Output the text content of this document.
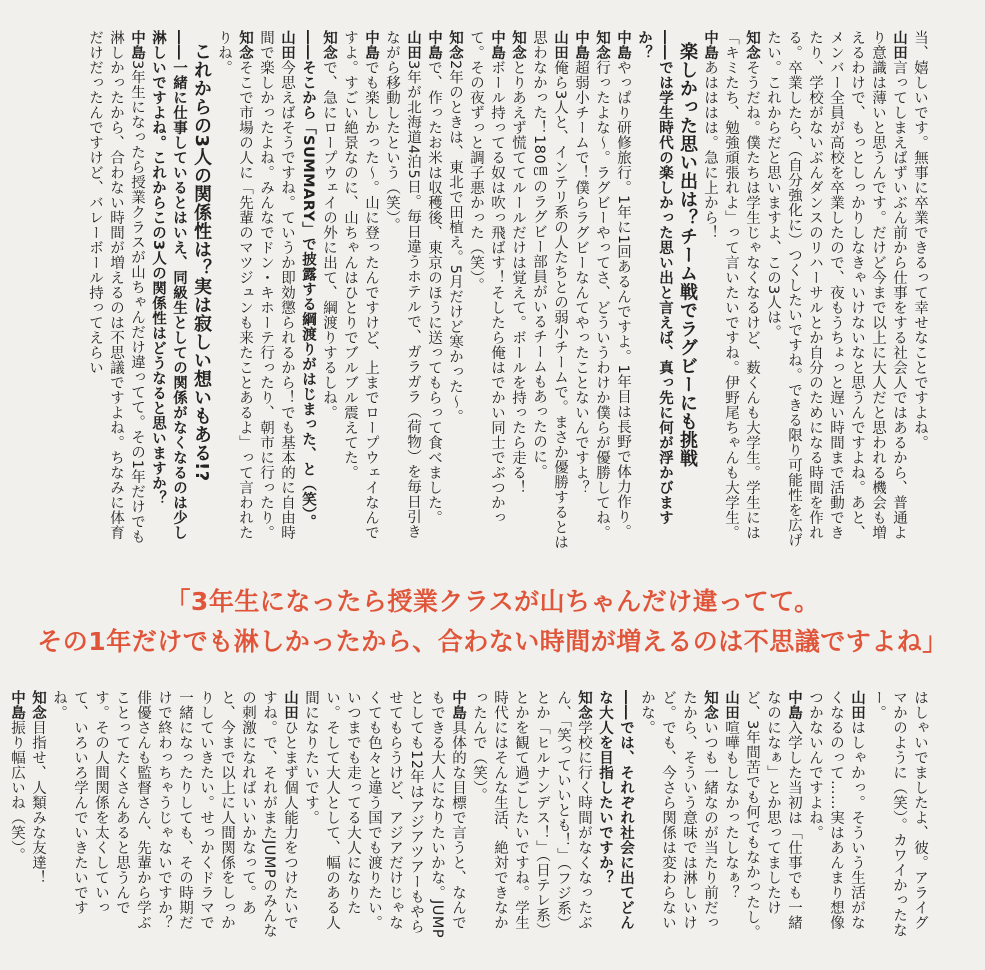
当、嬉しいです。無事に卒業できるって幸せなことですよね。
山田言ってしまえばずいぶん前から仕事をする社会人ではあるから、普通より意識は薄いと思うんです。だけど今まで以上に大人だと思われる機会も増えるわけで、もっとしっかりしなきゃいけないなと思うんですよね。あと、メンバー全員が高校を卒業したので、夜もうちょっと遅い時間まで活動できたり、学校がないぶんダンスのリハーサルとか自分のためになる時間を作れる。卒業したら、（自分強化に）つくしたいですね。できる限り可能性を広げたい。これからだと思いますよ、この3人は。
知念そうだね。僕たちは学生じゃなくなるけど、薮くんも大学生。学生には「キミたち、勉強頑張れよ」って言いたいですね。伊野尾ちゃんも大学生。
中島あはははは。急に上から！
楽しかった思い出は？チーム戦でラグビーにも挑戦
――では学生時代の楽しかった思い出と言えば、真っ先に何が浮かびますか？
中島やっぱり研修旅行。1年に1回あるんですよ。1年目は長野で体力作り。
知念行ったよな～。ラグビーやってさ、どういうわけか僕らが優勝してね。
中島超弱小チームで！僕らラグビーなんてやったことないんですよ？
山田俺ら3人と、インテリ系の人たちとの弱小チームで。まさか優勝するとは思わなかった！180㎝のラグビー部員がいるチームもあったのに。
知念とりあえず慌ててルールだけは覚えて。ボールを持ったら走る！
中島ボール持ってる奴は吹っ飛ばす！そしたら俺はでかい同士でぶつかって。その夜ずっと調子悪かった（笑）。
知念2年のときは、東北で田植え。5月だけど寒かった～。
中島で、作ったお米は収穫後、東京のほうに送ってもらって食べました。
山田3年が北海道4泊5日。毎日違うホテルで、ガラガラ（荷物）を毎日引きながら移動したという（笑）。
中島でも楽しかった～。山に登ったんですけど、上までロープウェイなんですよ。すごい絶景なのに、山ちゃんはひとりでブルブル震えてた。
知念で、急にロープウェイの外に出て、綱渡りするしね。
――そこから「SUMMARY」で披露する綱渡りがはじまった、と（笑）。
山田今思えばそうですね。ていうか即効懲られるから！でも基本的に自由時間で楽しかったよね。みんなでドン・キホーテ行ったり、朝市に行ったり。
知念そこで市場の人に「先輩のマツジュンも来たことあるよ」って言われたりね。
これからの3人の関係性は？実は寂しい想いもある!?
――一緒に仕事しているとはいえ、同級生としての関係がなくなるのは少し淋しいですよね。これからこの3人の関係性はどうなると思いますか？
中島3年生になったら授業クラスが山ちゃんだけ違ってて。その1年だけでも淋しかったから、合わない時間が増えるのは不思議ですよね。ちなみに体育だけだったんですけど、バレーボール持ってえらい
「3年生になったら授業クラスが山ちゃんだけ違ってて。
その1年だけでも淋しかったから、合わない時間が増えるのは不思議ですよね」
はしゃいでましたよ、彼。アライグマかのように（笑）。カワイかったなー。
山田はしゃかっ。そういう生活がなくなるのって……実はあんまり想像つかないんですよね。
中島入学した当初は「仕事でも一緒なのになぁ」とか思ってましたけど、3年間苦でも何でもなかったし。
山田喧嘩もしなかったしなぁ？
知念いつも一緒なのが当たり前だったから、そういう意味では淋しいけど。でも、今さら関係は変わらないかな。
――では、それぞれ社会に出てどんな大人を目指したいですか？
知念学校に行く時間がなくなったぶん、「笑っていいとも！」（フジ系）とか「ヒルナンデス！」（日テレ系）とかを観て過ごしたいですね。学生時代にはそんな生活、絶対できなかったんで（笑）。
中島具体的な目標で言うと、なんでもできる大人になりたいかな。JUMPとしても12年はアジアツアーもやらせてもらうけど、アジアだけじゃなくても色々と違う国でも渡りたい。いつまでも走ってる大人になりたい。そして大人として、幅のある人間になりたいです。
山田ひとまず個人能力をつけたいですね。で、それがまたJUMPのみんなの刺激になればいいかなって。あと、今まで以上に人間関係をしっかりしていきたい。せっかくドラマで一緒になったりしても、その時期だけで終わっちゃうじゃないですか？俳優さんも監督さん、先輩から学ぶことってたくさんあると思うんです。その人間関係を太くしていって、いろいろ学んでいきたいですね。
知念目指せ、人類みな友達！
中島振り幅広いね（笑）。
